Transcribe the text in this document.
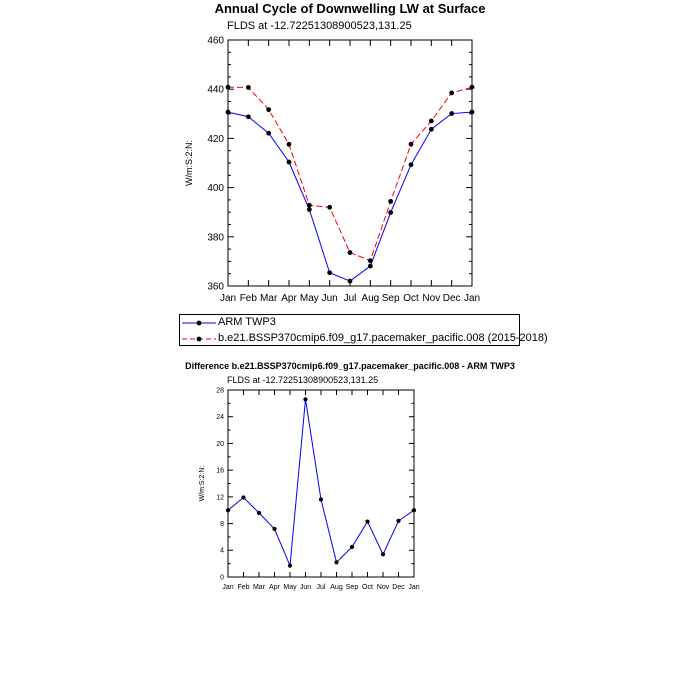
Annual Cycle of Downwelling LW at Surface
360
380
400
420
440
460
Jan Feb Mar Apr May Jun Jul Aug Sep Oct Nov Dec Jan
W/m:S:2:N:
0
4
8
12
16
20
24
28
Jan Feb Mar Apr May Jun Jul Aug Sep Oct Nov Dec Jan
W/m:S:2:N:
FLDS at -12.72251308900523,131.25
ARM TWP3
b.e21.BSSP370cmip6.f09_g17.pacemaker_pacific.008 (2015-2018)
Difference b.e21.BSSP370cmip6.f09_g17.pacemaker_pacific.008 - ARM TWP3
FLDS at -12.72251308900523,131.25
